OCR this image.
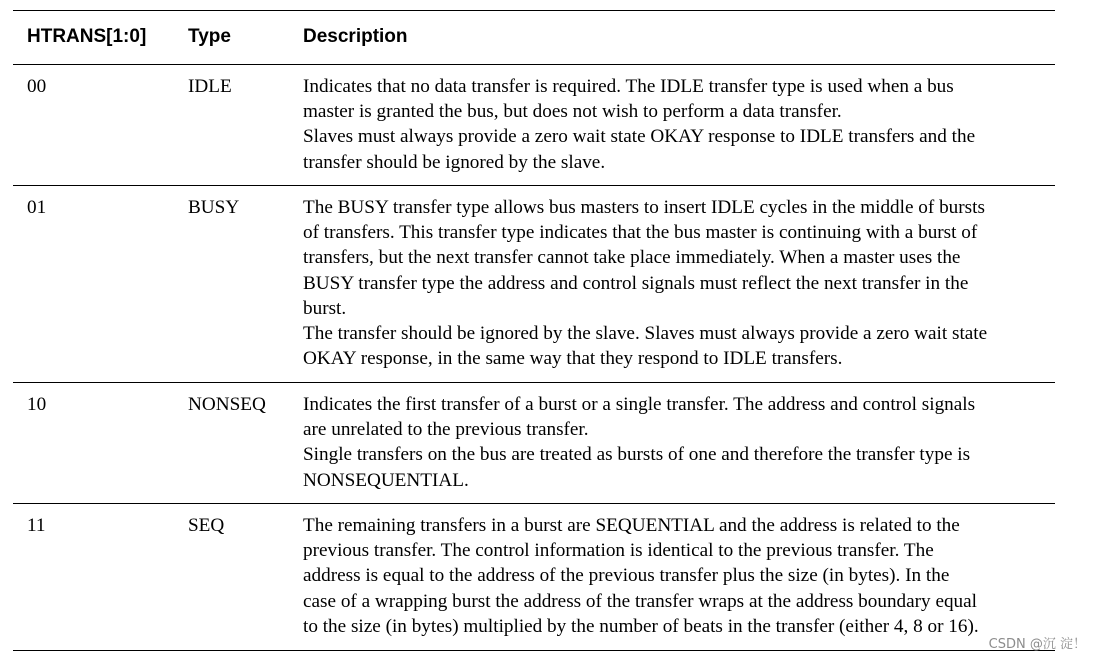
HTRANS[1:0] Type	Description
00	IDLE	Indicates that no data transfer is required. The IDLE transfer type is used when a bus
master is granted the bus, but does not wish to perform a data transfer.
Slaves must always provide a zero wait state OKAY response to IDLE transfers and the
transfer should be ignored by the slave.
01	BUSY	The BUSY transfer type allows bus masters to insert IDLE cycles in the middle of bursts
of transfers. This transfer type indicates that the bus master is continuing with a burst of
transfers, but the next transfer cannot take place immediately. When a master uses the
BUSY transfer type the address and control signals must reflect the next transfer in the
burst.
The transfer should be ignored by the slave. Slaves must always provide a zero wait state
OKAY response, in the same way that they respond to IDLE transfers.
10	NONSEQ Indicates the first transfer of a burst or a single transfer. The address and control signals
are unrelated to the previous transfer.
Single transfers on the bus are treated as bursts of one and therefore the transfer type is
NONSEQUENTIAL.
11	SEQ	The remaining transfers in a burst are SEQUENTIAL and the address is related to the
previous transfer. The control information is identical to the previous transfer. The
address is equal to the address of the previous transfer plus the size (in bytes). In the
case of a wrapping burst the address of the transfer wraps at the address boundary equal
to the size (in bytes) multiplied by the number of beats in the transfer (either 4, 8 or 16).
CSDN @沉 淀！
